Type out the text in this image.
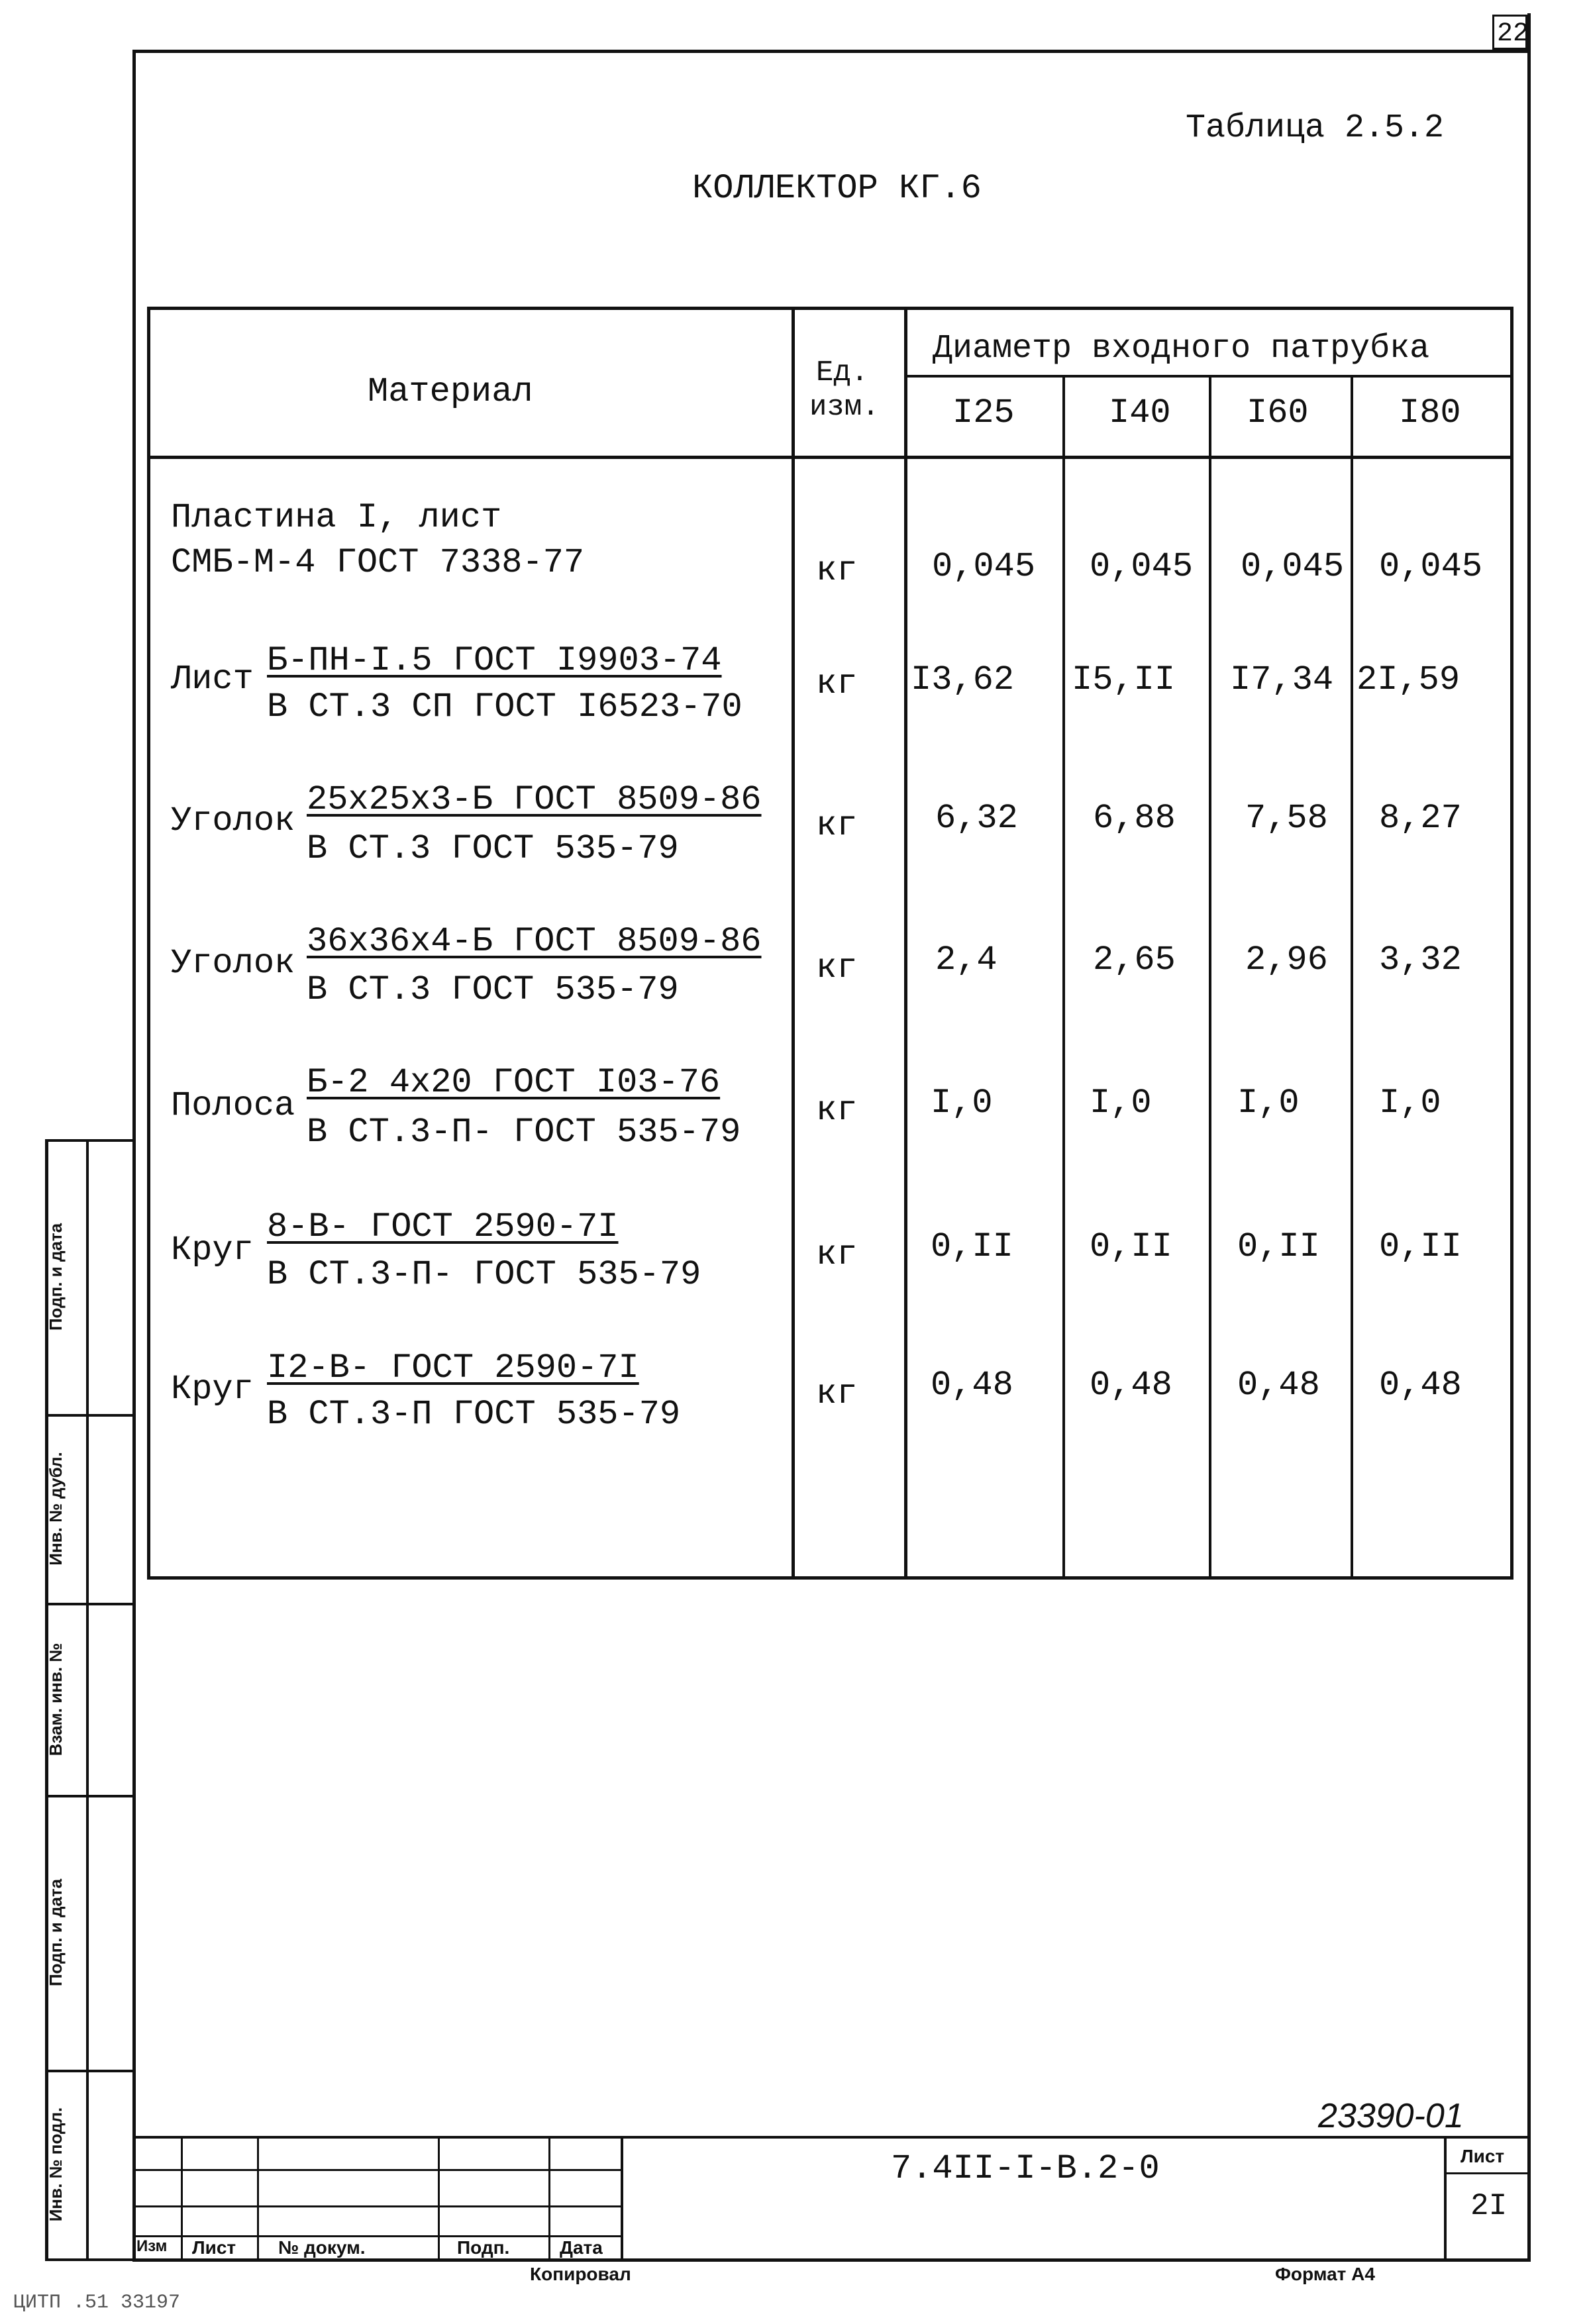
22
Таблица 2.5.2
КОЛЛЕКТОР КГ.6
Материал	Ед.
изм.
Диаметр входного патрубка
I25	I40 I60	I80
Пластина I, лист
СМБ-М-4 ГОСТ 7338-77	кг 0,045 0,045 0,045 0,045
Лист Б-ПН-I.5 ГОСТ I9903-74
В СТ.3 СП ГОСТ I6523-70
кг I3,62 I5,II I7,34 2I,59
Уголок
25х25х3-Б ГОСТ 8509-86
В СТ.3 ГОСТ 535-79
кг 6,32 6,88 7,58 8,27
Уголок
36х36х4-Б ГОСТ 8509-86
В СТ.3 ГОСТ 535-79
кг 2,4	2,65 2,96 3,32
Полоса
Б-2 4х20 ГОСТ I03-76
В СТ.3-П- ГОСТ 535-79
кг I,0	I,0 I,0 I,0
Круг
8-В- ГОСТ 2590-7I
В СТ.3-П- ГОСТ 535-79
кг 0,II 0,II 0,II 0,II
Круг
I2-В- ГОСТ 2590-7I
В СТ.3-П ГОСТ 535-79
кг 0,48 0,48 0,48 0,48
Подп. и дата
Инв. № дубл.
Взам. инв. №
Подп. и дата
Инв. № подл.	23390-01
Изм Лист № докум.	Подп.	Дата
7.4II-I-В.2-0	Лист
2I
Копировал	Формат А4
ЦИТП .51 33197
